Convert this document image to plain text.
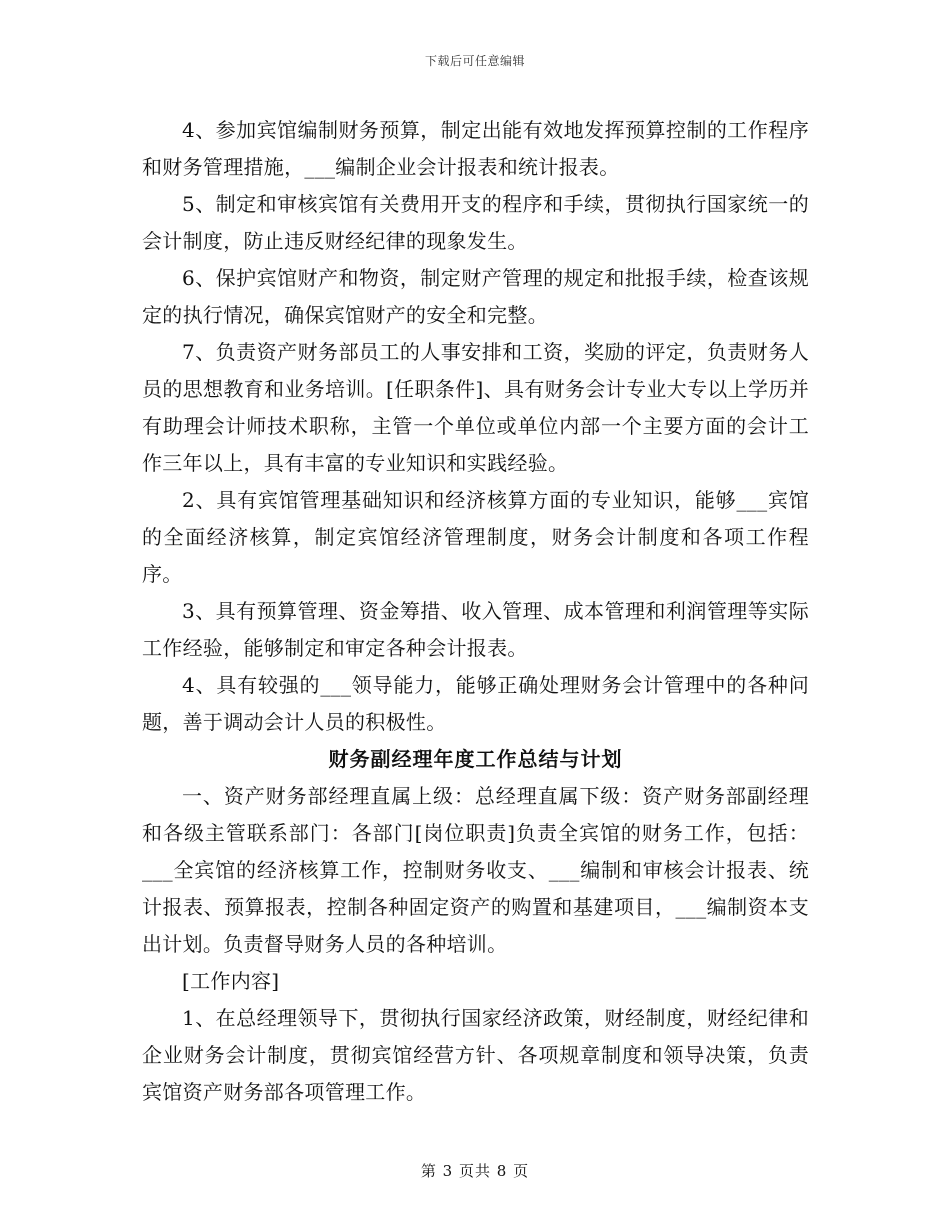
下载后可任意编辑

4、参加宾馆编制财务预算，制定出能有效地发挥预算控制的工作程序和财务管理措施，___编制企业会计报表和统计报表。

5、制定和审核宾馆有关费用开支的程序和手续，贯彻执行国家统一的会计制度，防止违反财经纪律的现象发生。

6、保护宾馆财产和物资，制定财产管理的规定和批报手续，检查该规定的执行情况，确保宾馆财产的安全和完整。

7、负责资产财务部员工的人事安排和工资，奖励的评定，负责财务人员的思想教育和业务培训。[任职条件]、具有财务会计专业大专以上学历并有助理会计师技术职称，主管一个单位或单位内部一个主要方面的会计工作三年以上，具有丰富的专业知识和实践经验。

2、具有宾馆管理基础知识和经济核算方面的专业知识，能够___宾馆的全面经济核算，制定宾馆经济管理制度，财务会计制度和各项工作程序。

3、具有预算管理、资金筹措、收入管理、成本管理和利润管理等实际工作经验，能够制定和审定各种会计报表。

4、具有较强的___领导能力，能够正确处理财务会计管理中的各种问题，善于调动会计人员的积极性。

财务副经理年度工作总结与计划

一、资产财务部经理直属上级：总经理直属下级：资产财务部副经理和各级主管联系部门：各部门[岗位职责]负责全宾馆的财务工作，包括：___全宾馆的经济核算工作，控制财务收支、___编制和审核会计报表、统计报表、预算报表，控制各种固定资产的购置和基建项目，___编制资本支出计划。负责督导财务人员的各种培训。

[工作内容]

1、在总经理领导下，贯彻执行国家经济政策，财经制度，财经纪律和企业财务会计制度，贯彻宾馆经营方针、各项规章制度和领导决策，负责宾馆资产财务部各项管理工作。

第 3 页共 8 页
